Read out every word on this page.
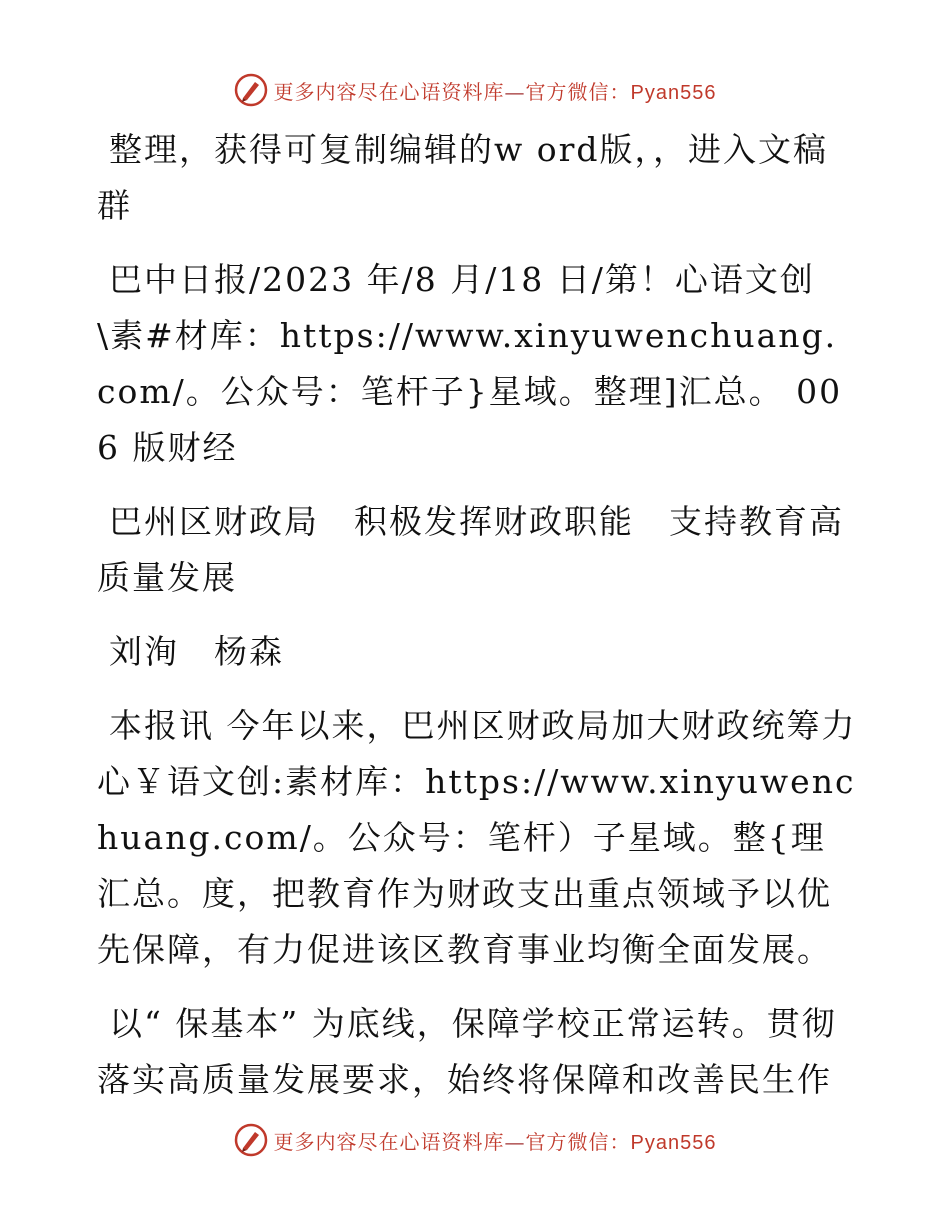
更多内容尽在心语资料库—官方微信：Pyan556

整理，获得可复制编辑的w ord版，，进入文稿群

巴中日报/2023 年/8 月/18 日/第！心语文创\素#材库：https://www.xinyuwenchuang.com/。公众号：笔杆子}星域。整理]汇总。 006 版财经

巴州区财政局　积极发挥财政职能　支持教育高质量发展

刘洵　杨森

本报讯 今年以来，巴州区财政局加大财政统筹力心￥语文创:素材库：https://www.xinyuwenchuang.com/。公众号：笔杆）子星域。整{理汇总。度，把教育作为财政支出重点领域予以优先保障，有力促进该区教育事业均衡全面发展。

以“ 保基本” 为底线，保障学校正常运转。贯彻落实高质量发展要求，始终将保障和改善民生作

更多内容尽在心语资料库—官方微信：Pyan556
